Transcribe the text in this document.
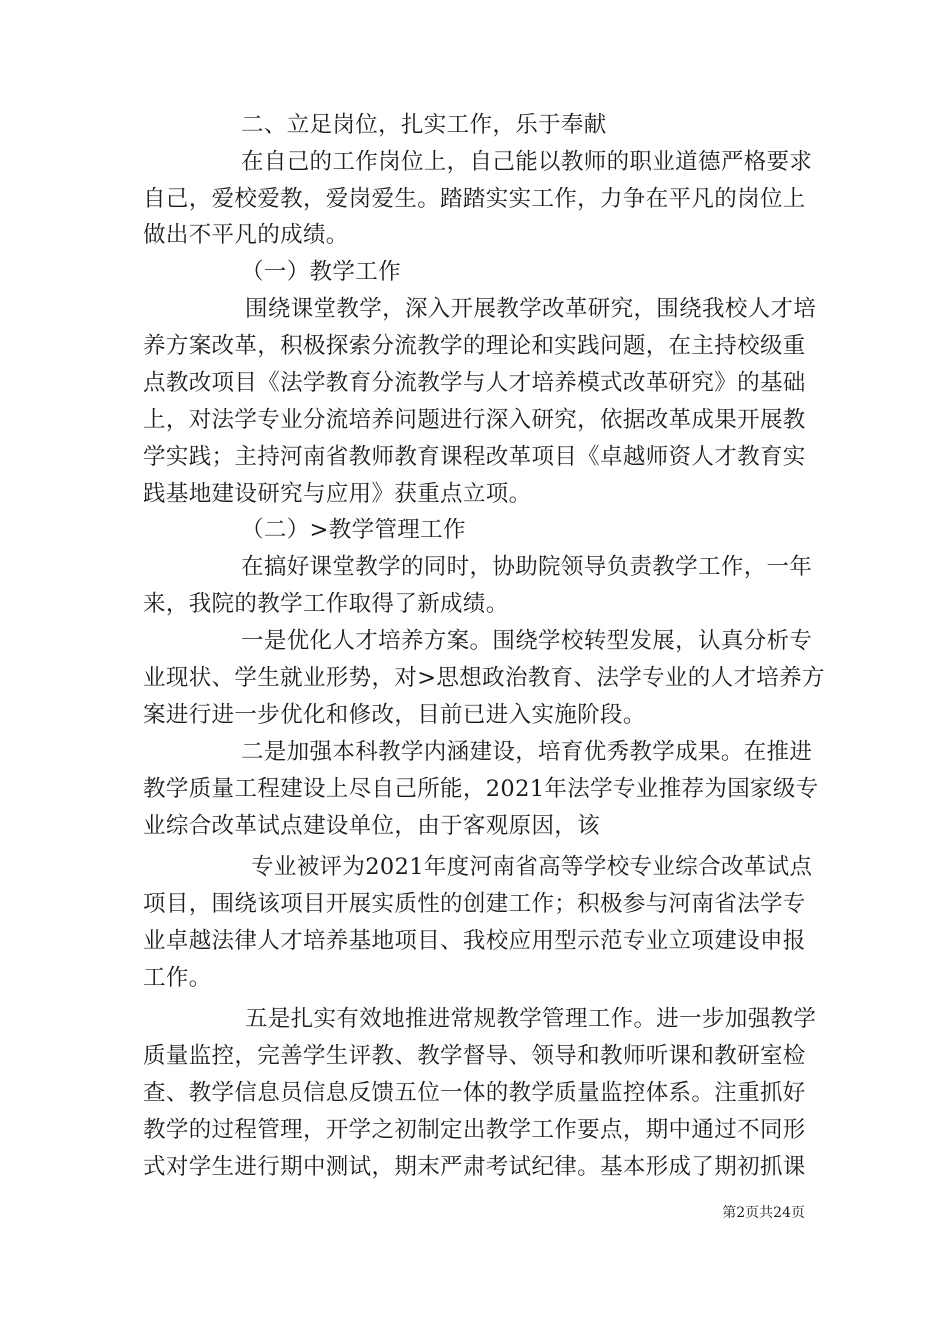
二、立足岗位，扎实工作，乐于奉献
在自己的工作岗位上，自己能以教师的职业道德严格要求
自己，爱校爱教，爱岗爱生。踏踏实实工作，力争在平凡的岗位上
做出不平凡的成绩。
（一）教学工作
围绕课堂教学，深入开展教学改革研究，围绕我校人才培
养方案改革，积极探索分流教学的理论和实践问题，在主持校级重
点教改项目《法学教育分流教学与人才培养模式改革研究》的基础
上，对法学专业分流培养问题进行深入研究，依据改革成果开展教
学实践；主持河南省教师教育课程改革项目《卓越师资人才教育实
践基地建设研究与应用》获重点立项。
（二）>教学管理工作
在搞好课堂教学的同时，协助院领导负责教学工作，一年
来，我院的教学工作取得了新成绩。
一是优化人才培养方案。围绕学校转型发展，认真分析专
业现状、学生就业形势，对>思想政治教育、法学专业的人才培养方
案进行进一步优化和修改，目前已进入实施阶段。
二是加强本科教学内涵建设，培育优秀教学成果。在推进
教学质量工程建设上尽自己所能，2021年法学专业推荐为国家级专
业综合改革试点建设单位，由于客观原因，该
专业被评为2021年度河南省高等学校专业综合改革试点
项目，围绕该项目开展实质性的创建工作；积极参与河南省法学专
业卓越法律人才培养基地项目、我校应用型示范专业立项建设申报
工作。
五是扎实有效地推进常规教学管理工作。进一步加强教学
质量监控，完善学生评教、教学督导、领导和教师听课和教研室检
查、教学信息员信息反馈五位一体的教学质量监控体系。注重抓好
教学的过程管理，开学之初制定出教学工作要点，期中通过不同形
式对学生进行期中测试，期末严肃考试纪律。基本形成了期初抓课
第2页共24页
